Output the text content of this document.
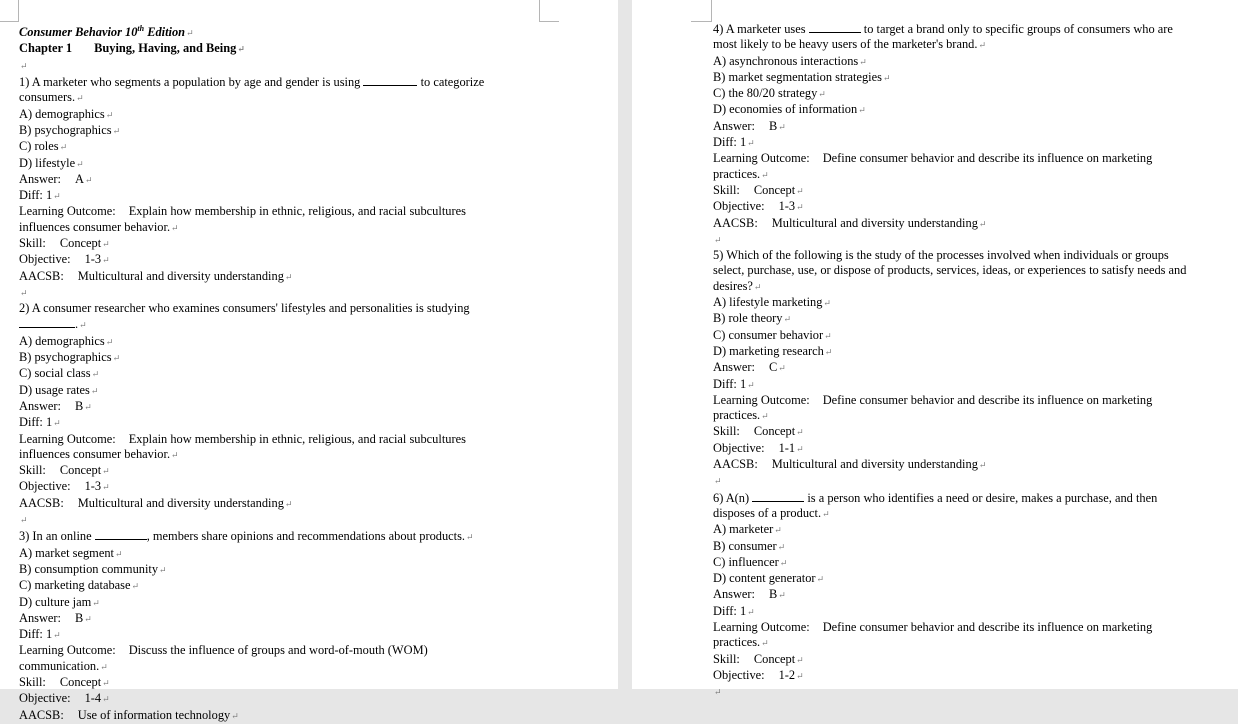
Consumer Behavior 10th Edition↵
Chapter 1 Buying, Having, and Being↵
↵
1) A marketer who segments a population by age and gender is using	to categorize
consumers.↵
A) demographics↵
B) psychographics↵
C) roles↵
D) lifestyle↵
Answer: A↵
Diff: 1↵
Learning Outcome: Explain how membership in ethnic, religious, and racial subcultures
influences consumer behavior.↵
Skill: Concept↵
Objective: 1-3↵
AACSB: Multicultural and diversity understanding↵
↵
2) A consumer researcher who examines consumers' lifestyles and personalities is studying
.↵
A) demographics↵
B) psychographics↵
C) social class↵
D) usage rates↵
Answer: B↵
Diff: 1↵
Learning Outcome: Explain how membership in ethnic, religious, and racial subcultures
influences consumer behavior.↵
Skill: Concept↵
Objective: 1-3↵
AACSB: Multicultural and diversity understanding↵
↵
3) In an online	, members share opinions and recommendations about products.↵
A) market segment↵
B) consumption community↵
C) marketing database↵
D) culture jam↵
Answer: B↵
Diff: 1↵
Learning Outcome: Discuss the influence of groups and word-of-mouth (WOM)
communication.↵
Skill: Concept↵
Objective: 1-4↵
AACSB: Use of information technology↵
4) A marketer uses	to target a brand only to specific groups of consumers who are
most likely to be heavy users of the marketer's brand.↵
A) asynchronous interactions↵
B) market segmentation strategies↵
C) the 80/20 strategy↵
D) economies of information↵
Answer: B↵
Diff: 1↵
Learning Outcome: Define consumer behavior and describe its influence on marketing
practices.↵
Skill: Concept↵
Objective: 1-3↵
AACSB: Multicultural and diversity understanding↵
↵
5) Which of the following is the study of the processes involved when individuals or groups
select, purchase, use, or dispose of products, services, ideas, or experiences to satisfy needs and
desires?↵
A) lifestyle marketing↵
B) role theory↵
C) consumer behavior↵
D) marketing research↵
Answer: C↵
Diff: 1↵
Learning Outcome: Define consumer behavior and describe its influence on marketing
practices.↵
Skill: Concept↵
Objective: 1-1↵
AACSB: Multicultural and diversity understanding↵
↵
6) A(n)	is a person who identifies a need or desire, makes a purchase, and then
disposes of a product.↵
A) marketer↵
B) consumer↵
C) influencer↵
D) content generator↵
Answer: B↵
Diff: 1↵
Learning Outcome: Define consumer behavior and describe its influence on marketing
practices.↵
Skill: Concept↵
Objective: 1-2↵
↵
